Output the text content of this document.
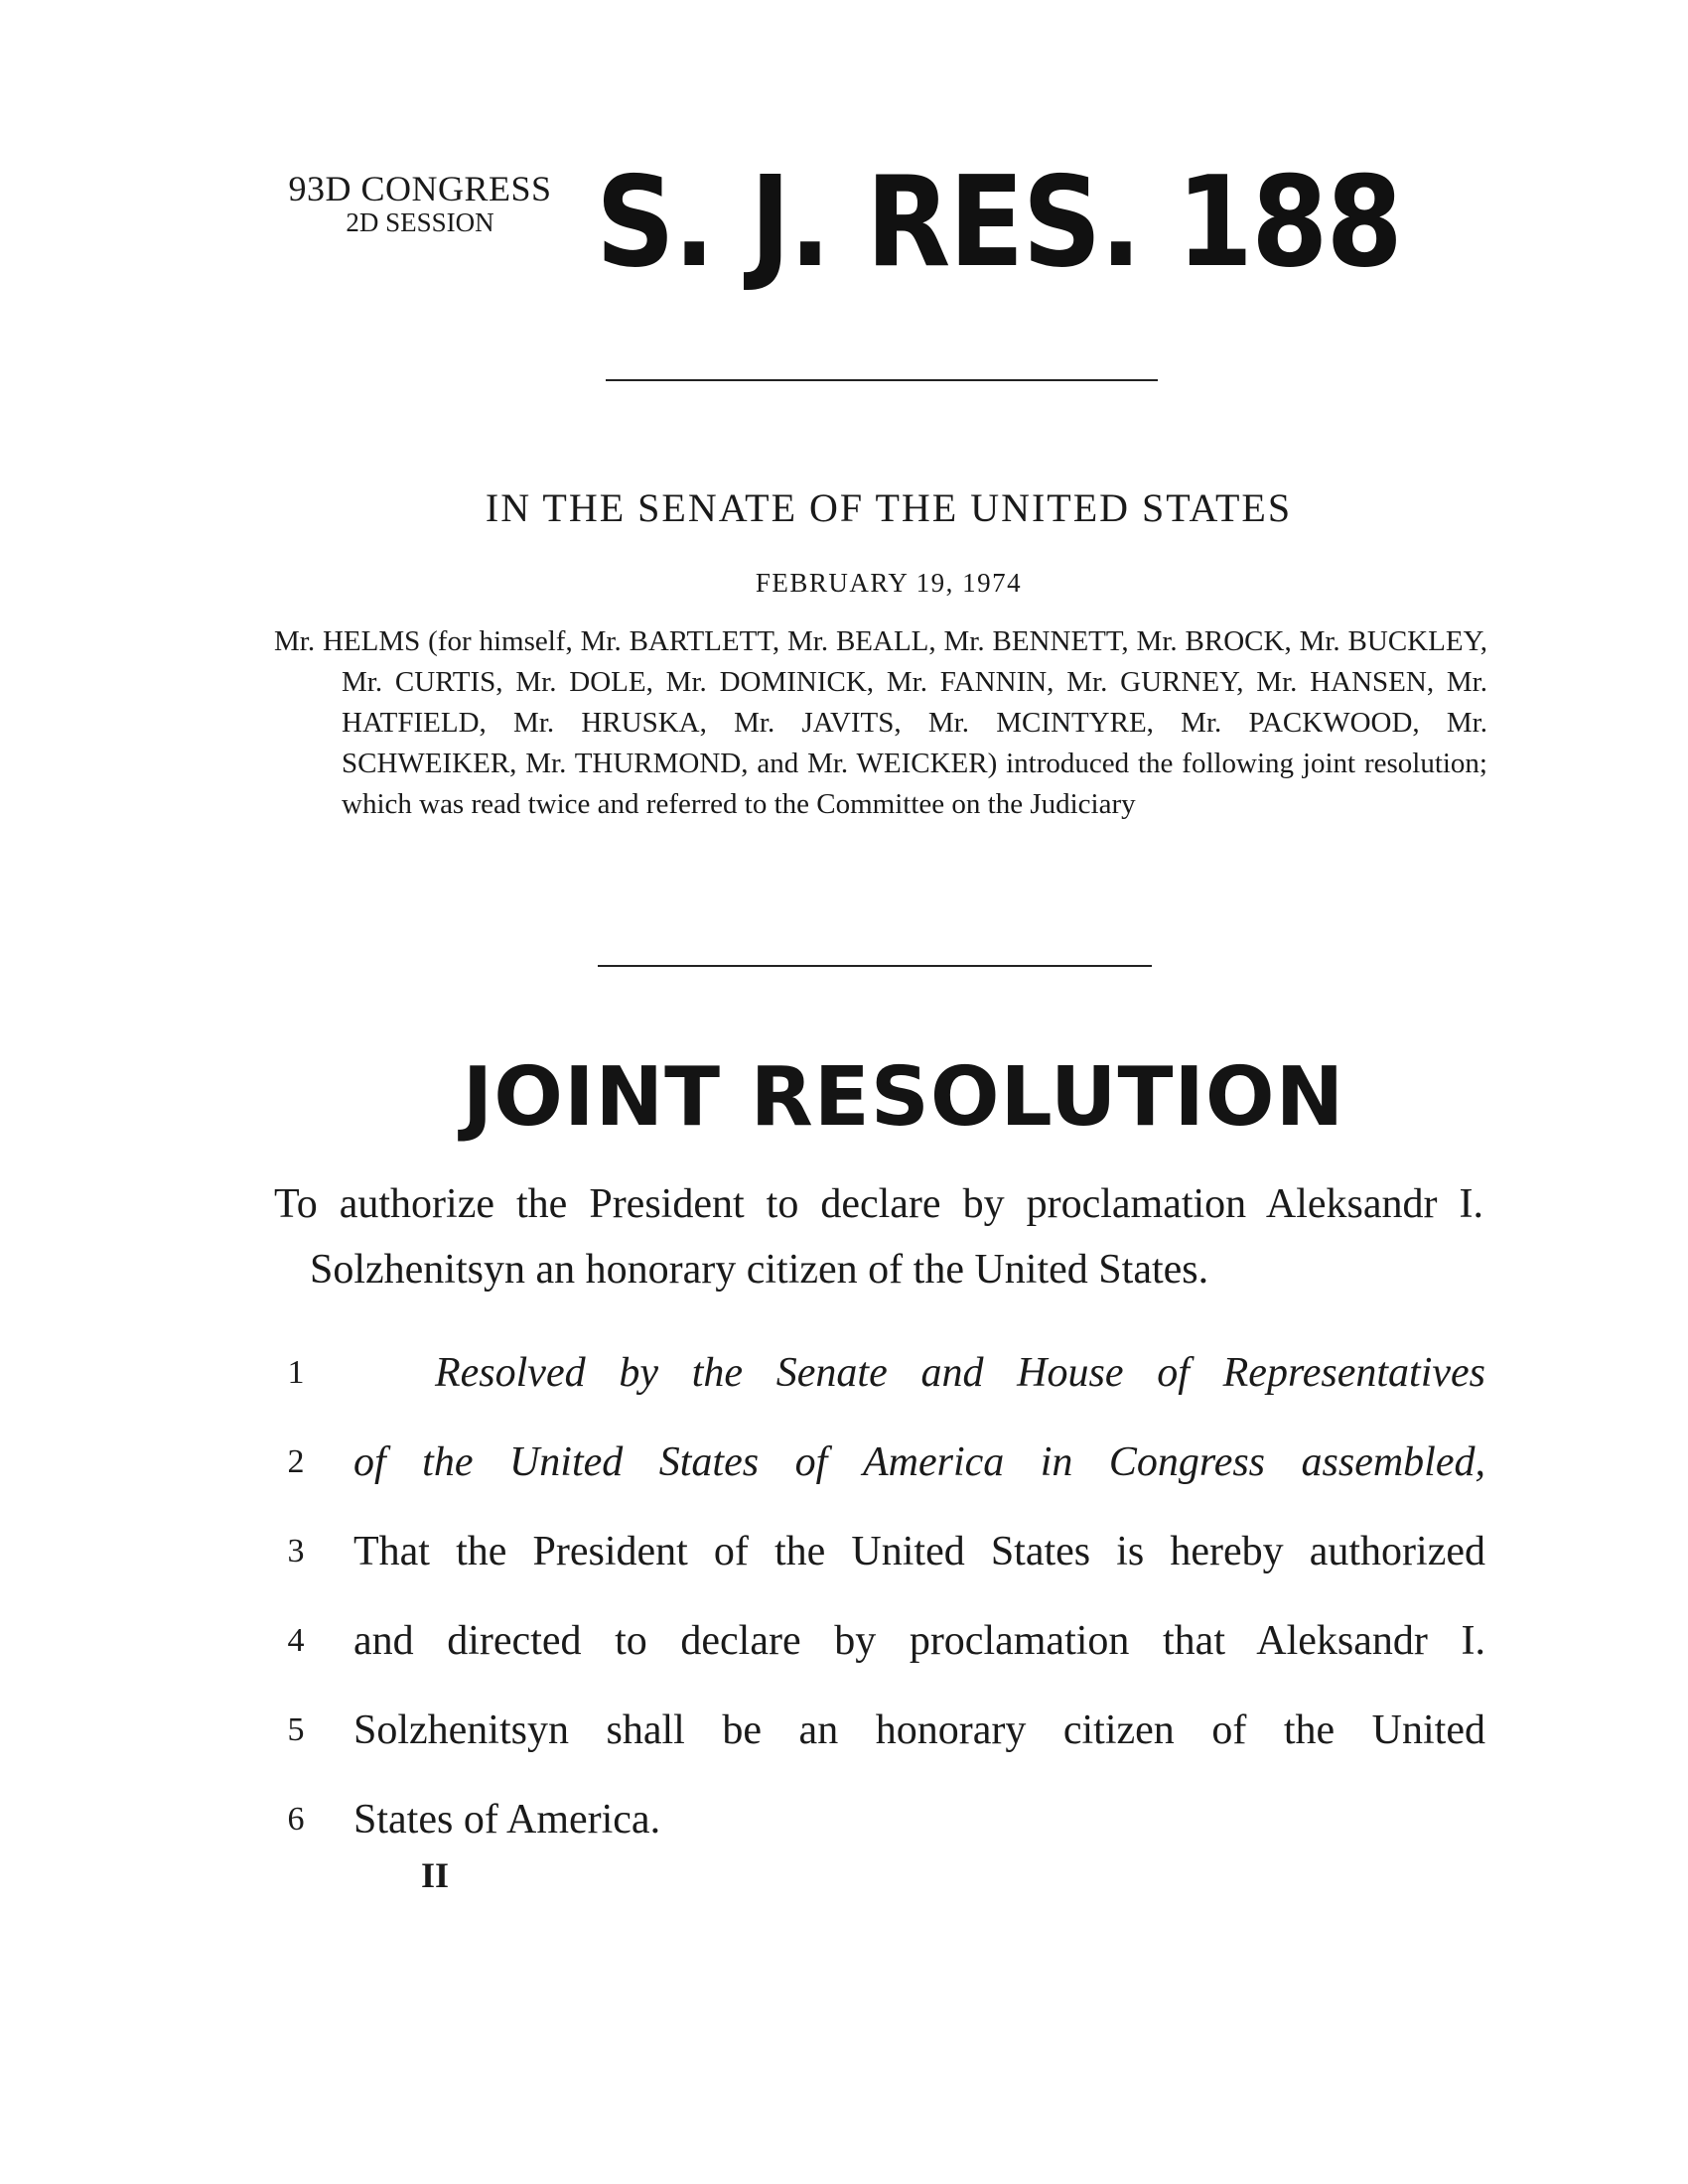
93D CONGRESS
2D SESSION S. J. RES. 188
IN THE SENATE OF THE UNITED STATES
FEBRUARY 19, 1974
Mr. HELMS (for himself, Mr. BARTLETT, Mr. BEALL, Mr. BENNETT, Mr. BROCK, Mr. BUCKLEY, Mr. CURTIS, Mr. DOLE, Mr. DOMINICK, Mr. FANNIN, Mr. GURNEY, Mr. HANSEN, Mr. HATFIELD, Mr. HRUSKA, Mr. JAVITS, Mr. MCINTYRE, Mr. PACKWOOD, Mr. SCHWEIKER, Mr. THURMOND, and Mr. WEICKER) introduced the following joint resolution; which was read twice and referred to the Committee on the Judiciary
JOINT RESOLUTION
To authorize the President to declare by proclamation Aleksandr I. Solzhenitsyn an honorary citizen of the United States.
1	Resolved by the Senate and House of Representatives
2	of the United States of America in Congress assembled,
3	That the President of the United States is hereby authorized
4	and directed to declare by proclamation that Aleksandr I.
5	Solzhenitsyn shall be an honorary citizen of the United
6	States of America.
II
